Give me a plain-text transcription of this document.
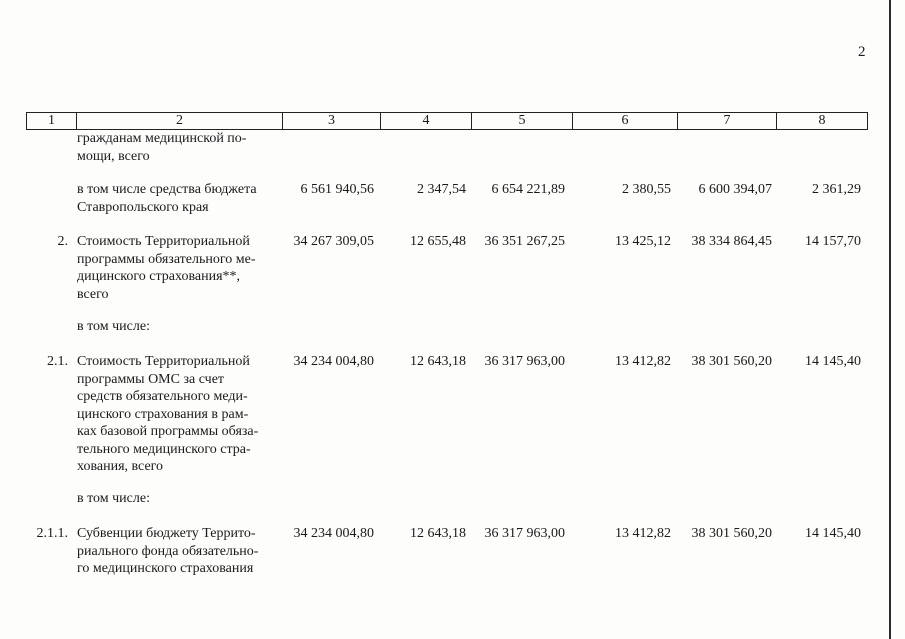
2
1	2	3	4	5	6	7	8
гражданам медицинской по-
мощи, всего
в том числе средства бюджета
Ставропольского края
6 561 940,56	2 347,54	6 654 221,89	2 380,55	6 600 394,07	2 361,29
2. Стоимость Территориальной
программы обязательного ме-
дицинского страхования**,
всего
34 267 309,05	12 655,48	36 351 267,25	13 425,12	38 334 864,45	14 157,70
в том числе:
2.1. Стоимость Территориальной
программы ОМС за счет
средств обязательного меди-
цинского страхования в рам-
ках базовой программы обяза-
тельного медицинского стра-
хования, всего
34 234 004,80	12 643,18	36 317 963,00	13 412,82	38 301 560,20	14 145,40
в том числе:
2.1.1. Субвенции бюджету Террито-
риального фонда обязательно-
го медицинского страхования
34 234 004,80	12 643,18	36 317 963,00	13 412,82	38 301 560,20	14 145,40
